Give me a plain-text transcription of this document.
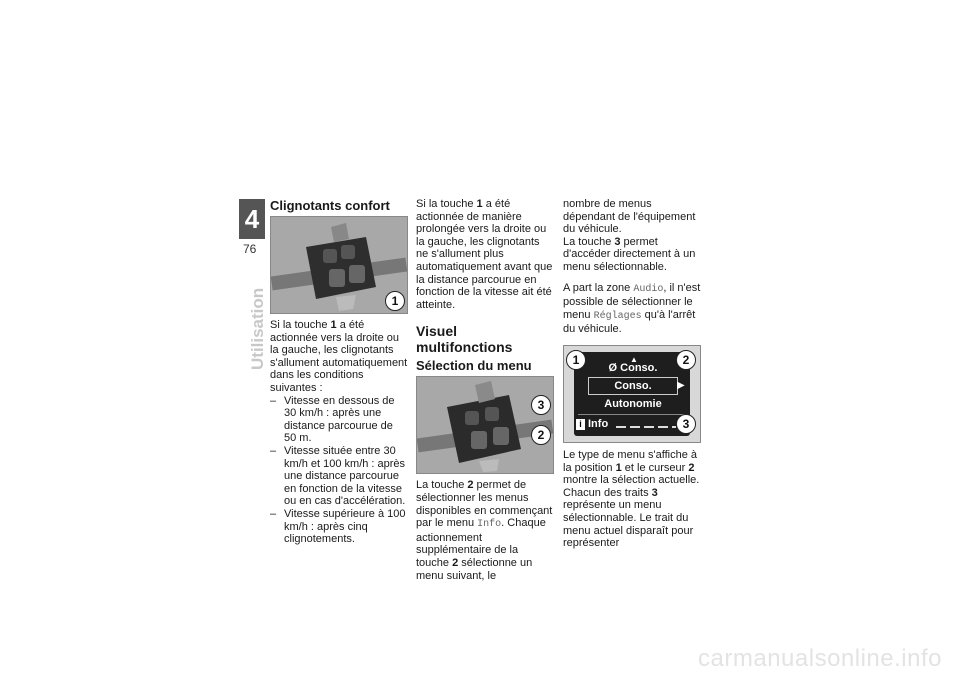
4
76
Utilisation
Clignotants confort
1

Si la touche 1 a été actionnée vers la droite ou la gauche, les clignotants s'allument automatiquement dans les conditions suivantes :

– Vitesse en dessous de 30 km/h : après une distance parcourue de 50 m.
– Vitesse située entre 30 km/h et 100 km/h : après une distance parcourue en fonction de la vitesse ou en cas d'accélération.
– Vitesse supérieure à 100 km/h : après cinq clignotements.

Si la touche 1 a été actionnée de manière prolongée vers la droite ou la gauche, les clignotants ne s'allument plus automatiquement avant que la distance parcourue en fonction de la vitesse ait été atteinte.

Visuel multifonctions
Sélection du menu
3
2

La touche 2 permet de sélectionner les menus disponibles en commençant par le menu Info. Chaque actionnement supplémentaire de la touche 2 sélectionne un menu suivant, le

nombre de menus dépendant de l'équipement du véhicule.
La touche 3 permet d'accéder directement à un menu sélectionnable.

A part la zone Audio, il n'est possible de sélectionner le menu Réglages qu'à l'arrêt du véhicule.

▲
Ø Conso.
Conso.	▶
Autonomie
i Info
1	2
3

Le type de menu s'affiche à la position 1 et le curseur 2 montre la sélection actuelle. Chacun des traits 3 représente un menu sélectionnable. Le trait du menu actuel disparaît pour représenter

carmanualsonline.info
